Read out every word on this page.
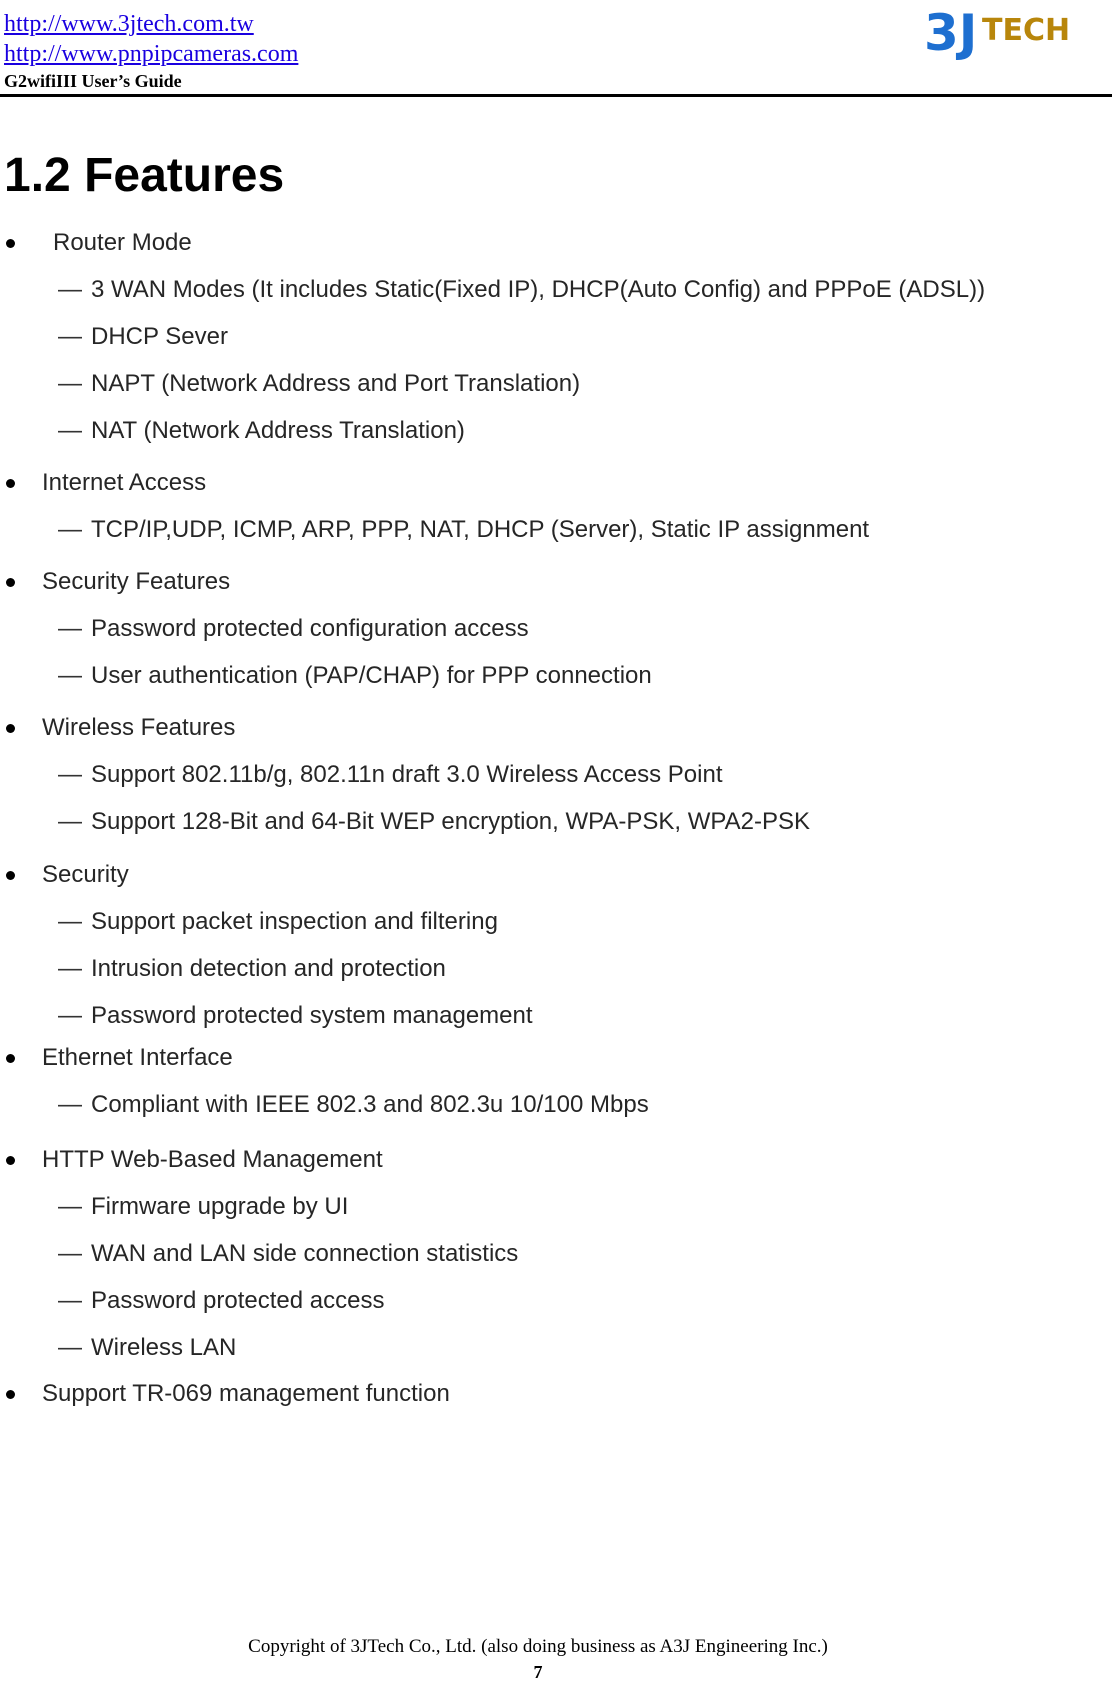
http://www.3jtech.com.tw
http://www.pnpipcameras.com
G2wifiIII User’s Guide
3J TECH
1.2 Features
Router Mode
— 3 WAN Modes (It includes Static(Fixed IP), DHCP(Auto Config) and PPPoE (ADSL))
— DHCP Sever
— NAPT (Network Address and Port Translation)
— NAT (Network Address Translation)
Internet Access
— TCP/IP,UDP, ICMP, ARP, PPP, NAT, DHCP (Server), Static IP assignment
Security Features
— Password protected configuration access
— User authentication (PAP/CHAP) for PPP connection
Wireless Features
— Support 802.11b/g, 802.11n draft 3.0 Wireless Access Point
— Support 128-Bit and 64-Bit WEP encryption, WPA-PSK, WPA2-PSK
Security
— Support packet inspection and filtering
— Intrusion detection and protection
— Password protected system management
Ethernet Interface
— Compliant with IEEE 802.3 and 802.3u 10/100 Mbps
HTTP Web-Based Management
— Firmware upgrade by UI
— WAN and LAN side connection statistics
— Password protected access
— Wireless LAN
Support TR-069 management function
Copyright of 3JTech Co., Ltd. (also doing business as A3J Engineering Inc.)
7
